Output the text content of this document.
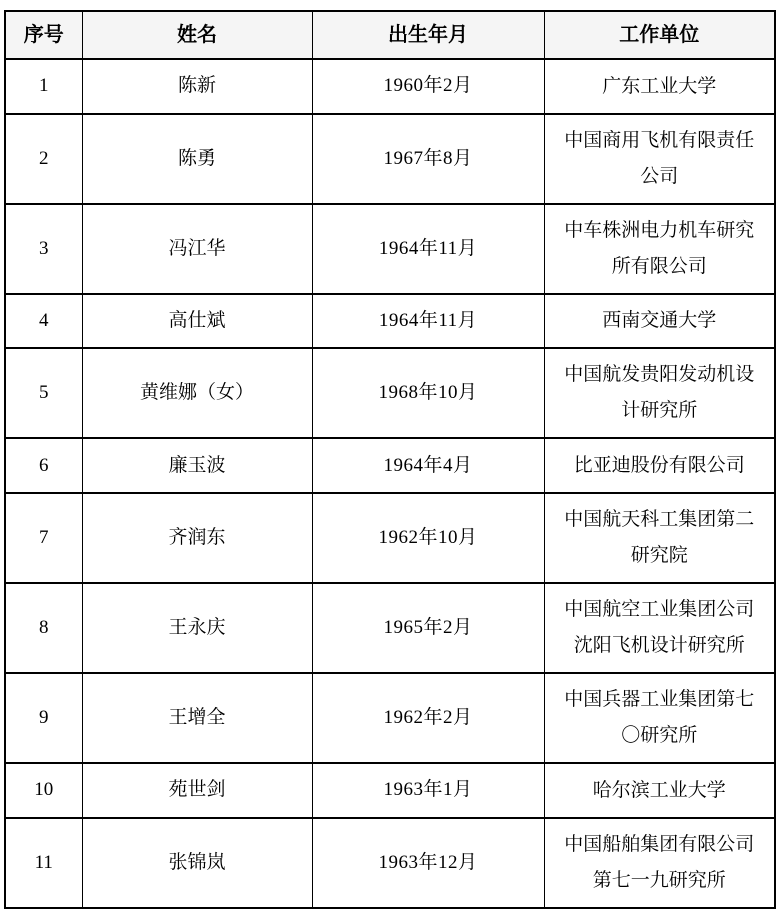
序号	姓名	出生年月	工作单位
1	陈新	1960年2月	广东工业大学
2	陈勇	1967年8月	中国商用飞机有限责任公司
3	冯江华	1964年11月	中车株洲电力机车研究所有限公司
4	高仕斌	1964年11月	西南交通大学
5	黄维娜（女）	1968年10月	中国航发贵阳发动机设计研究所
6	廉玉波	1964年4月	比亚迪股份有限公司
7	齐润东	1962年10月	中国航天科工集团第二研究院
8	王永庆	1965年2月	中国航空工业集团公司沈阳飞机设计研究所
9	王增全	1962年2月	中国兵器工业集团第七〇研究所
10	苑世剑	1963年1月	哈尔滨工业大学
11	张锦岚	1963年12月	中国船舶集团有限公司第七一九研究所
